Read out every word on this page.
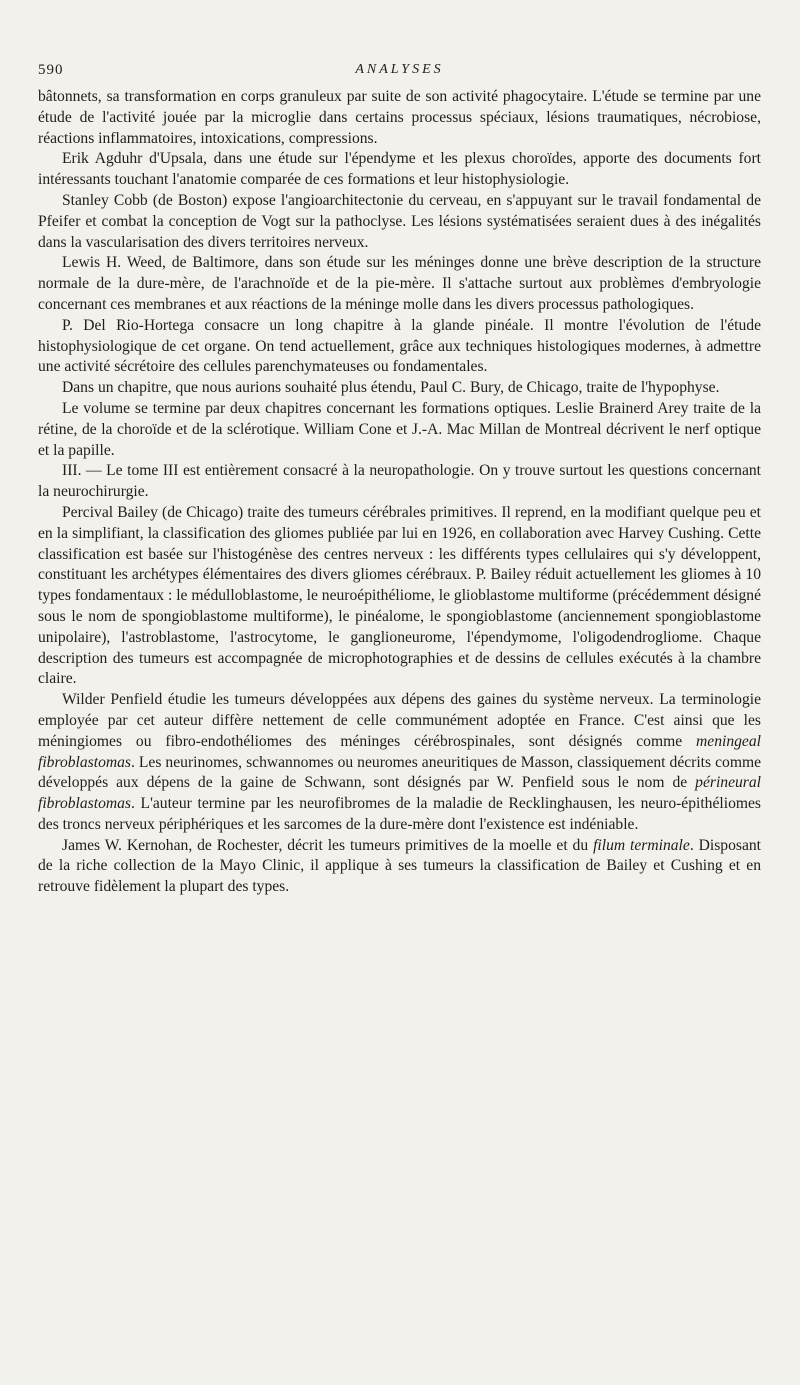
590	ANALYSES

bâtonnets, sa transformation en corps granuleux par suite de son activité phagocytaire. L'étude se termine par une étude de l'activité jouée par la microglie dans certains processus spéciaux, lésions traumatiques, nécrobiose, réactions inflammatoires, intoxications, compressions.

Erik Agduhr d'Upsala, dans une étude sur l'épendyme et les plexus choroïdes, apporte des documents fort intéressants touchant l'anatomie comparée de ces formations et leur histophysiologie.

Stanley Cobb (de Boston) expose l'angioarchitectonie du cerveau, en s'appuyant sur le travail fondamental de Pfeifer et combat la conception de Vogt sur la pathoclyse. Les lésions systématisées seraient dues à des inégalités dans la vascularisation des divers territoires nerveux.

Lewis H. Weed, de Baltimore, dans son étude sur les méninges donne une brève description de la structure normale de la dure-mère, de l'arachnoïde et de la pie-mère. Il s'attache surtout aux problèmes d'embryologie concernant ces membranes et aux réactions de la méninge molle dans les divers processus pathologiques.

P. Del Rio-Hortega consacre un long chapitre à la glande pinéale. Il montre l'évolution de l'étude histophysiologique de cet organe. On tend actuellement, grâce aux techniques histologiques modernes, à admettre une activité sécrétoire des cellules parenchymateuses ou fondamentales.

Dans un chapitre, que nous aurions souhaité plus étendu, Paul C. Bury, de Chicago, traite de l'hypophyse.

Le volume se termine par deux chapitres concernant les formations optiques. Leslie Brainerd Arey traite de la rétine, de la choroïde et de la sclérotique. William Cone et J.-A. Mac Millan de Montreal décrivent le nerf optique et la papille.

III. — Le tome III est entièrement consacré à la neuropathologie. On y trouve surtout les questions concernant la neurochirurgie.

Percival Bailey (de Chicago) traite des tumeurs cérébrales primitives. Il reprend, en la modifiant quelque peu et en la simplifiant, la classification des gliomes publiée par lui en 1926, en collaboration avec Harvey Cushing. Cette classification est basée sur l'histogénèse des centres nerveux : les différents types cellulaires qui s'y développent, constituant les archétypes élémentaires des divers gliomes cérébraux. P. Bailey réduit actuellement les gliomes à 10 types fondamentaux : le médulloblastome, le neuroépithéliome, le glioblastome multiforme (précédemment désigné sous le nom de spongioblastome multiforme), le pinéalome, le spongioblastome (anciennement spongioblastome unipolaire), l'astroblastome, l'astrocytome, le ganglioneurome, l'épendymome, l'oligodendrogliome. Chaque description des tumeurs est accompagnée de microphotographies et de dessins de cellules exécutés à la chambre claire.

Wilder Penfield étudie les tumeurs développées aux dépens des gaines du système nerveux. La terminologie employée par cet auteur diffère nettement de celle communément adoptée en France. C'est ainsi que les méningiomes ou fibro-endothéliomes des méninges cérébrospinales, sont désignés comme meningeal fibroblastomas. Les neurinomes, schwannomes ou neuromes aneuritiques de Masson, classiquement décrits comme développés aux dépens de la gaine de Schwann, sont désignés par W. Penfield sous le nom de périneural fibroblastomas. L'auteur termine par les neurofibromes de la maladie de Recklinghausen, les neuro-épithéliomes des troncs nerveux périphériques et les sarcomes de la dure-mère dont l'existence est indéniable.

James W. Kernohan, de Rochester, décrit les tumeurs primitives de la moelle et du filum terminale. Disposant de la riche collection de la Mayo Clinic, il applique à ses tumeurs la classification de Bailey et Cushing et en retrouve fidèlement la plupart des types.
